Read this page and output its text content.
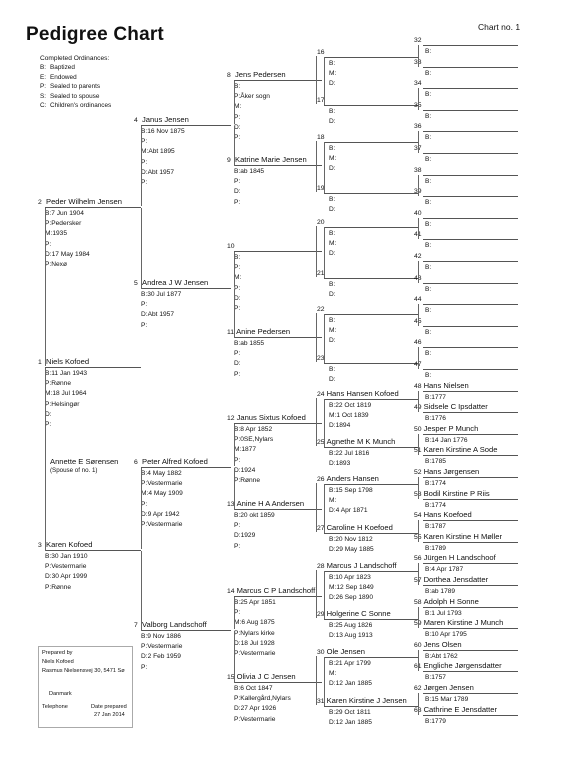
Pedigree Chart	Chart no. 1
Completed Ordinances:
B: Baptized
E: Endowed
P: Sealed to parents
S: Sealed to spouse
C: Children's ordinances
1 Niels Kofoed
B:11 Jan 1943
P:Rønne
M:18 Jul 1964
P:Helsingør
D:
P:
2 Peder Wilhelm Jensen
B:7 Jun 1904
P:Pedersker
M:1935
P:
D:17 May 1984
P:Nexø
3 Karen Kofoed
B:30 Jan 1910
P:Vestermarie
D:30 Apr 1999
P:Rønne
4 Janus Jensen
B:16 Nov 1875
P:
M:Abt 1895
P:
D:Abt 1957
P:
5 Andrea J W Jensen
B:30 Jul 1877
P:
D:Abt 1957
P:
6 Peter Alfred Kofoed
B:4 May 1882
P:Vestermarie
M:4 May 1909
P:
D:9 Apr 1942
P:Vestermarie
7 Valborg Landschoff
B:9 Nov 1886
P:Vestermarie
D:2 Feb 1959
P:
8 Jens Pedersen
B:
P:Åker sogn
M:
P:
D:
P:
9 Katrine Marie Jensen
B:ab 1845
P:
D:
P:
10
B:
P:
M:
P:
D:
P:
11 Anine Pedersen
B:ab 1855
P:
D:
P:
12 Janus Sixtus Kofoed
B:8 Apr 1852
P:0SE,Nylars
M:1877
P:
D:1924
P:Rønne
13 Anine H A Andersen
B:20 okt 1859
P:
D:1929
P:
14 Marcus C P Landschoff
B:25 Apr 1851
P:
M:6 Aug 1875
P:Nylars kirke
D:18 Jul 1928
P:Vestermarie
15 Olivia J C Jensen
B:6 Oct 1847
P:Kallergård,Nylars
D:27 Apr 1926
P:Vestermarie
16
B:
M:
D:
17
B:
D:
18
B:
M:
D:
19
B:
D:
20
B:
M:
D:
21
B:
D:
22
B:
M:
D:
23
B:
D:
24 Hans Hansen Kofoed
B:22 Oct 1819
M:1 Oct 1839
D:1894
25 Agnethe M K Munch
B:22 Jul 1816
D:1893
26 Anders Hansen
B:15 Sep 1798
M:
D:4 Apr 1871
27 Caroline H Koefoed
B:20 Nov 1812
D:29 May 1885
28 Marcus J Landschoff
B:10 Apr 1823
M:12 Sep 1849
D:26 Sep 1890
29 Holgerine C Sonne
B:25 Aug 1826
D:13 Aug 1913
30 Ole Jensen
B:21 Apr 1799
M:
D:12 Jan 1885
31 Karen Kirstine J Jensen
B:29 Oct 1811
D:12 Jan 1885
32
B:
33
B:
34
B:
35
B:
36
B:
37
B:
38
B:
39
B:
40
B:
41
B:
42
B:
43
B:
44
B:
45
B:
46
B:
47
B:
48 Hans Nielsen
B:1777
49 Sidsele C Ipsdatter
B:1776
50 Jesper P Munch
B:14 Jan 1776
51 Karen Kirstine A Sode
B:1785
52 Hans Jørgensen
B:1774
53 Bodil Kirstine P Riis
B:1774
54 Hans Koefoed
B:1787
55 Karen Kirstine H Møller
B:1789
56 Jürgen H Landschoof
B:4 Apr 1787
57 Dorthea Jensdatter
B:ab 1789
58 Adolph H Sonne
B:1 Jul 1793
59 Maren Kirstine J Munch
B:10 Apr 1795
60 Jens Olsen
B:Abt 1762
61 Engliche Jørgensdatter
B:1757
62 Jørgen Jensen
B:15 Mar 1789
63 Cathrine E Jensdatter
B:1779
Annette E Sørensen
(Spouse of no. 1)
Prepared by
Niels Kofoed
Rasmus Nielsensvej 30, 5471 Sø
Danmark
Telephone	Date prepared
27 Jan 2014
